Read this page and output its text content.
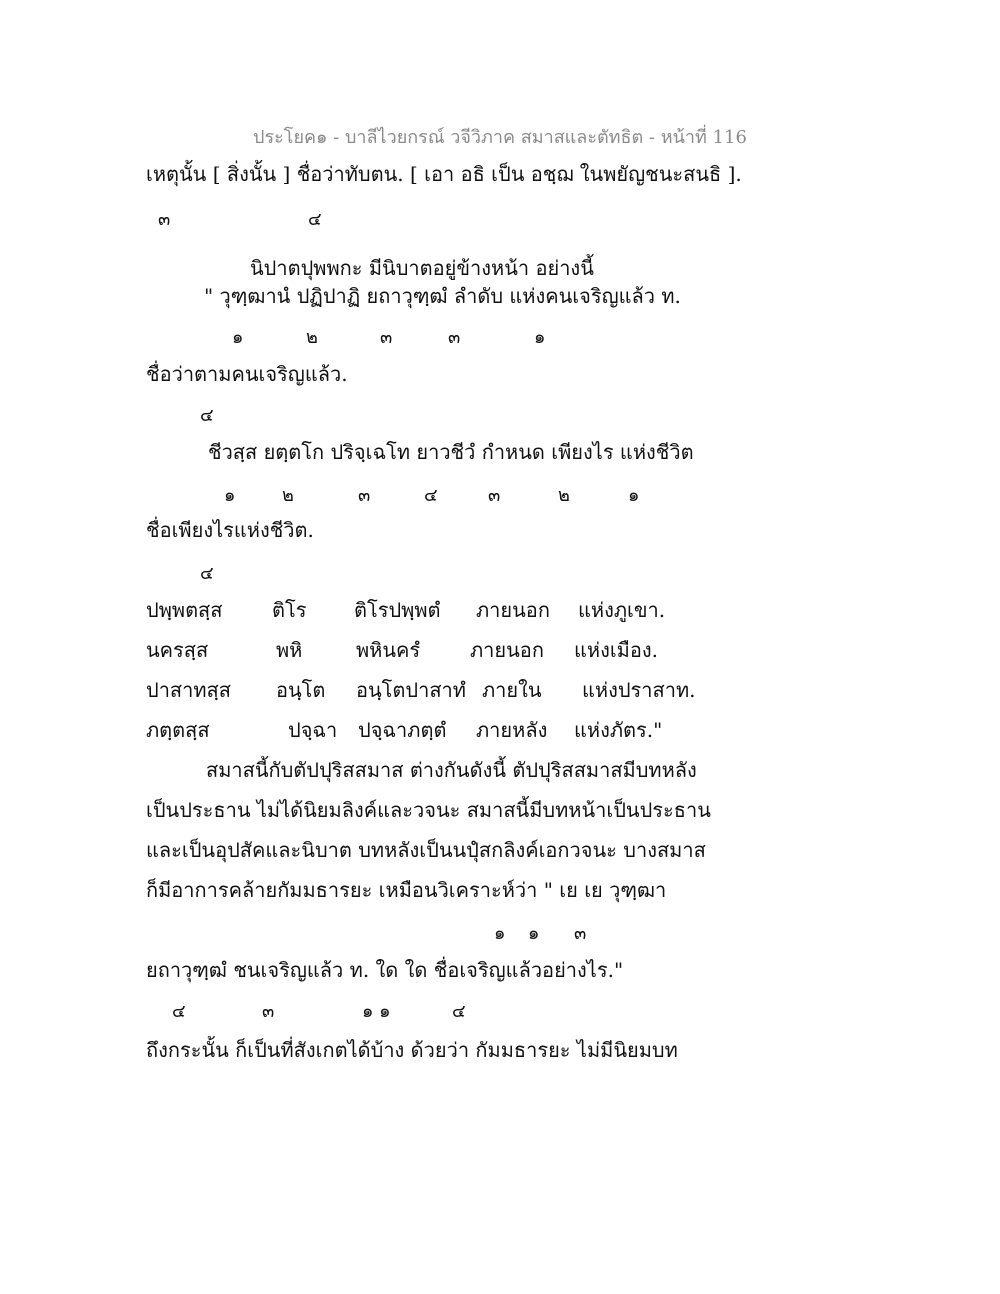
ประโยค๑ - บาลีไวยกรณ์ วจีวิภาค สมาสและตัทธิต - หน้าที่ 116
เหตุนั้น [ สิ่งนั้น ] ชื่อว่าทับตน. [ เอา อธิ เป็น อชฺฌ ในพยัญชนะสนธิ ].
๓	๔
นิปาตปุพพกะ มีนิบาตอยู่ข้างหน้า อย่างนี้
" วุฑฺฒานํ ปฏิปาฏิ ยถาวุฑฺฒํ ลำดับ แห่งคนเจริญแล้ว ท.
๑	๒	๓	๓	๑
ชื่อว่าตามคนเจริญแล้ว.
๔
ชีวสฺส ยตฺตโก ปริจฺเฉโท ยาวชีวํ กำหนด เพียงไร แห่งชีวิต
๑	๒	๓	๔	๓	๒	๑
ชื่อเพียงไรแห่งชีวิต.
๔
ปพฺพตสฺส ติโร ติโรปพฺพตํ ภายนอก แห่งภูเขา.
นครสฺส	พหิ	พหินครํ ภายนอก แห่งเมือง.
ปาสาทสฺส อนฺโต อนฺโตปาสาทํ ภายใน แห่งปราสาท.
ภตฺตสฺส	ปจฺฉา ปจฺฉาภตฺตํ ภายหลัง แห่งภัตร."
สมาสนี้กับตัปปุริสสมาส ต่างกันดังนี้ ตัปปุริสสมาสมีบทหลัง
เป็นประธาน ไม่ได้นิยมลิงค์และวจนะ สมาสนี้มีบทหน้าเป็นประธาน
และเป็นอุปสัคและนิบาต บทหลังเป็นนปุํสกลิงค์เอกวจนะ บางสมาส
ก็มีอาการคล้ายกัมมธารยะ เหมือนวิเคราะห์ว่า " เย เย วุฑฺฒา
๑ ๑ ๓
ยถาวุฑฺฒํ ชนเจริญแล้ว ท. ใด ใด ชื่อเจริญแล้วอย่างไร."
๔	๓	๑ ๑	๔
ถึงกระนั้น ก็เป็นที่สังเกตได้บ้าง ด้วยว่า กัมมธารยะ ไม่มีนิยมบท
